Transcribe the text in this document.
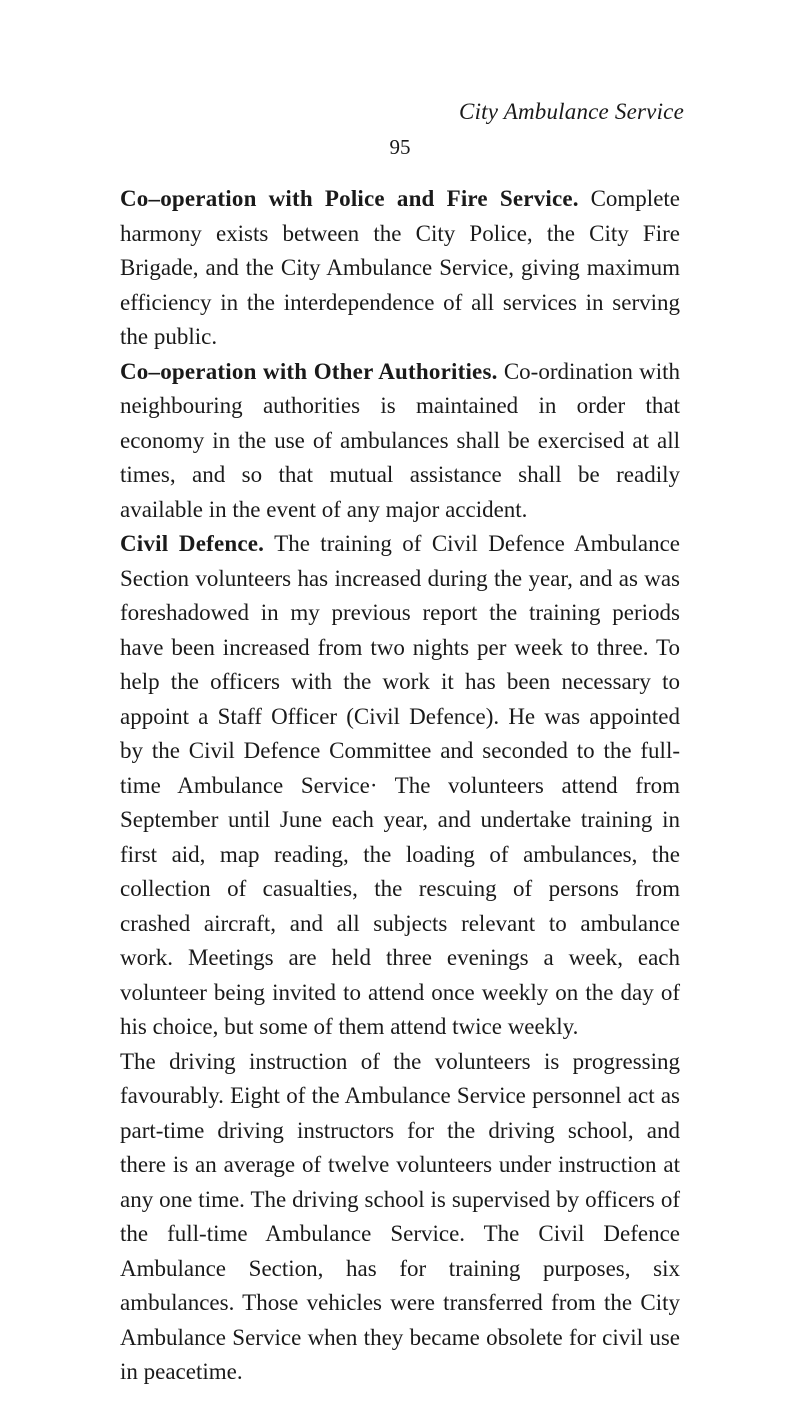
City Ambulance Service
95

Co–operation with Police and Fire Service. Complete harmony exists between the City Police, the City Fire Brigade, and the City Ambulance Service, giving maximum efficiency in the interdependence of all services in serving the public.

Co–operation with Other Authorities. Co-ordination with neighbouring authorities is maintained in order that economy in the use of ambulances shall be exercised at all times, and so that mutual assistance shall be readily available in the event of any major accident.

Civil Defence. The training of Civil Defence Ambulance Section volunteers has increased during the year, and as was foreshadowed in my previous report the training periods have been increased from two nights per week to three. To help the officers with the work it has been necessary to appoint a Staff Officer (Civil Defence). He was appointed by the Civil Defence Committee and seconded to the full-time Ambulance Service· The volunteers attend from September until June each year, and undertake training in first aid, map reading, the loading of ambulances, the collection of casualties, the rescuing of persons from crashed aircraft, and all subjects relevant to ambulance work. Meetings are held three evenings a week, each volunteer being invited to attend once weekly on the day of his choice, but some of them attend twice weekly.

The driving instruction of the volunteers is progressing favourably. Eight of the Ambulance Service personnel act as part-time driving instructors for the driving school, and there is an average of twelve volunteers under instruction at any one time. The driving school is supervised by officers of the full-time Ambulance Service. The Civil Defence Ambulance Section, has for training purposes, six ambulances. Those vehicles were transferred from the City Ambulance Service when they became obsolete for civil use in peacetime.
